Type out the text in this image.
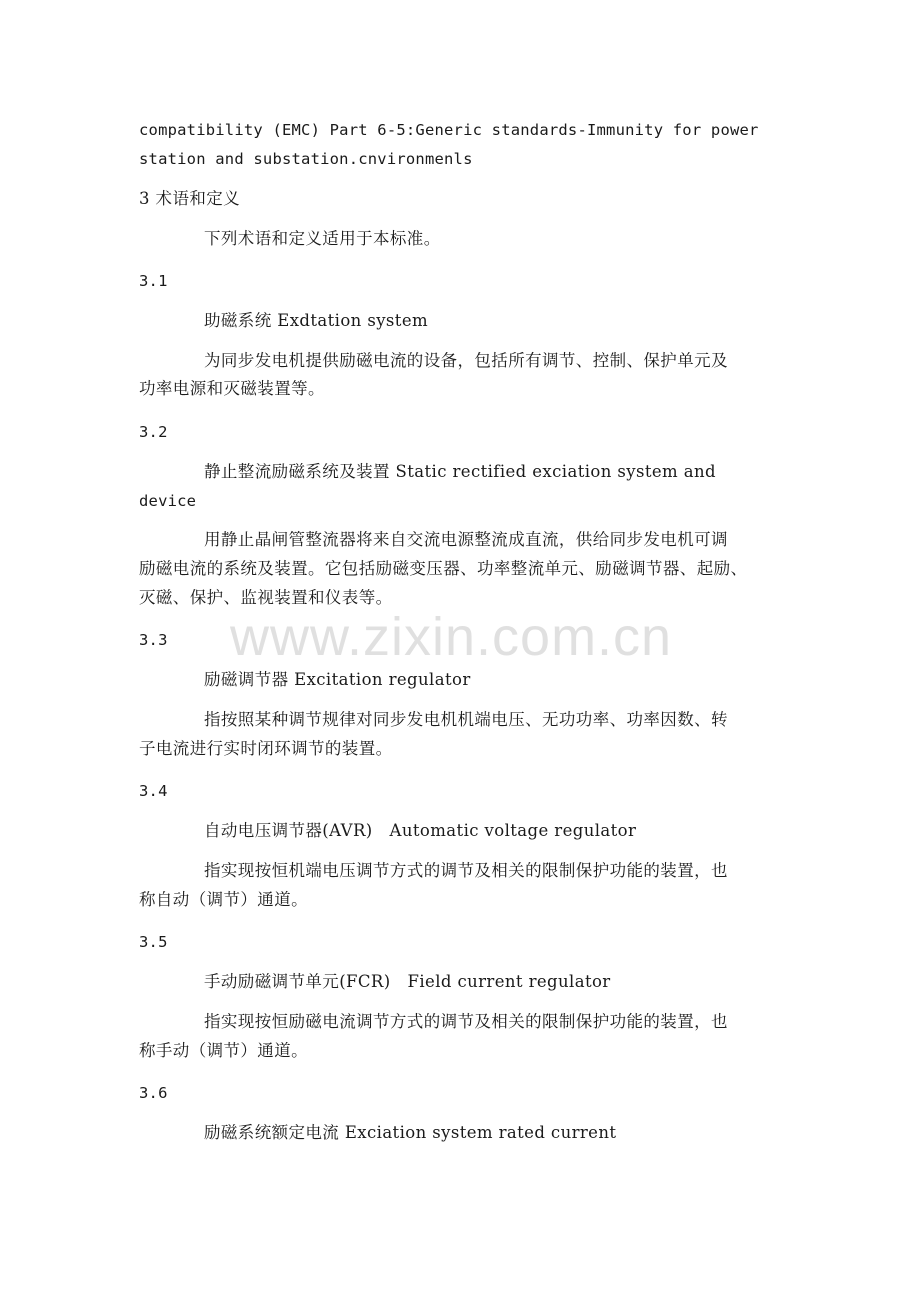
compatibility (EMC) Part 6-5:Generic standards-Immunity for power
station and substation.cnvironmenls
3 术语和定义
下列术语和定义适用于本标准。
3.1
助磁系统 Exdtation system
为同步发电机提供励磁电流的设备，包括所有调节、控制、保护单元及
功率电源和灭磁装置等。
3.2
静止整流励磁系统及装置 Static rectified exciation system and
device
用静止晶闸管整流器将来自交流电源整流成直流，供给同步发电机可调
励磁电流的系统及装置。它包括励磁变压器、功率整流单元、励磁调节器、起励、
灭磁、保护、监视装置和仪表等。
3.3
励磁调节器 Excitation regulator
指按照某种调节规律对同步发电机机端电压、无功功率、功率因数、转
子电流进行实时闭环调节的装置。
3.4
自动电压调节器(AVR)   Automatic voltage regulator
指实现按恒机端电压调节方式的调节及相关的限制保护功能的装置，也
称自动（调节）通道。
3.5
手动励磁调节单元(FCR)   Field current regulator
指实现按恒励磁电流调节方式的调节及相关的限制保护功能的装置，也
称手动（调节）通道。
3.6
励磁系统额定电流 Exciation system rated current
www.zixin.com.cn
